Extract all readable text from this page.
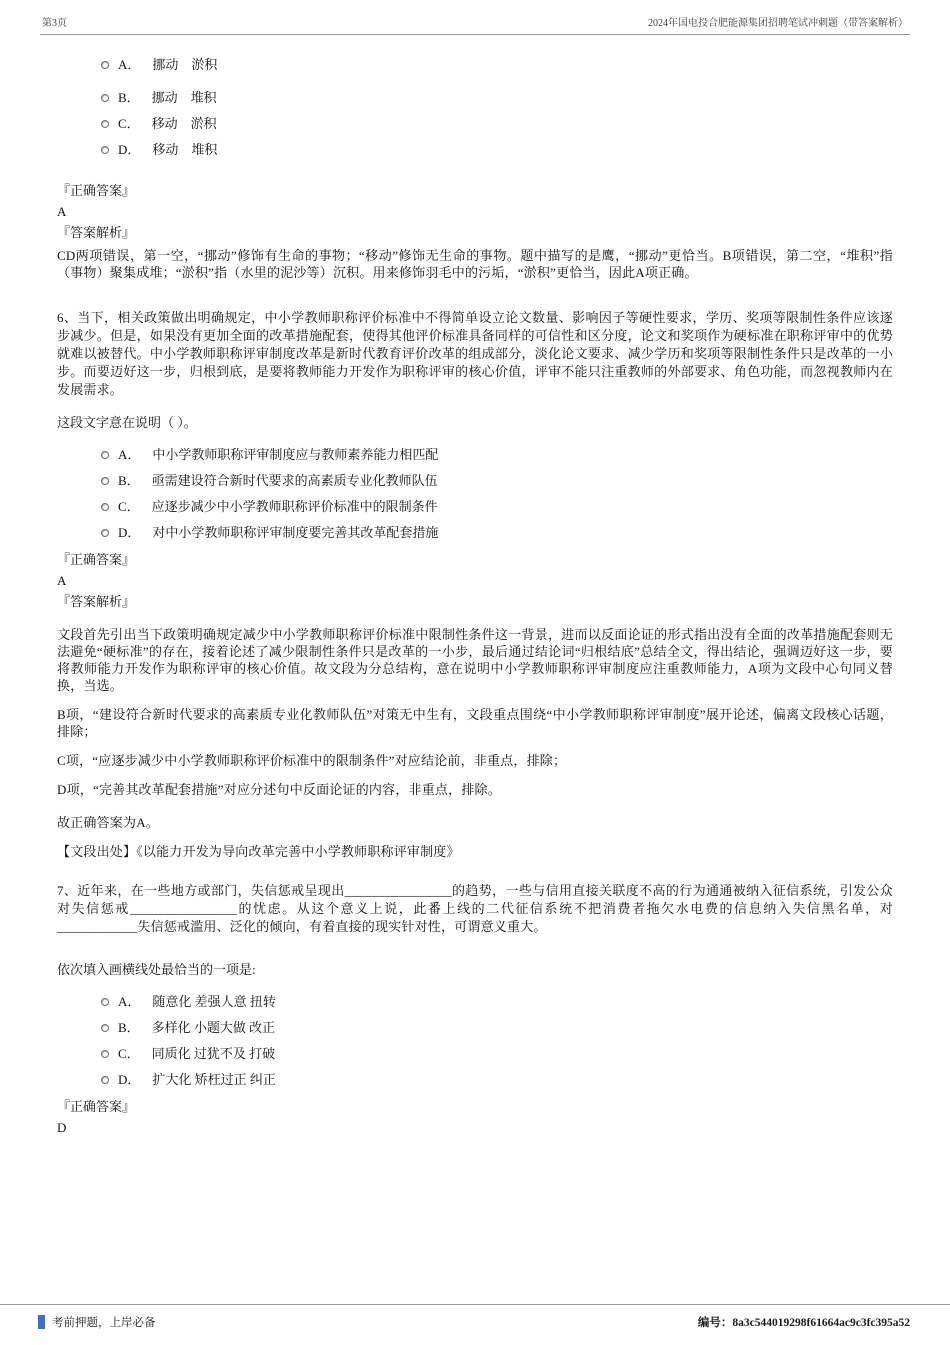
第3页	2024年国电投合肥能源集团招聘笔试冲刺题（带答案解析）
A． 挪动　淤积
B． 挪动　堆积
C． 移动　淤积
D． 移动　堆积
『正确答案』
A
『答案解析』
CD两项错误，第一空，“挪动”修饰有生命的事物；“移动”修饰无生命的事物。题中描写的是鹰，“挪动”更恰当。B项错误，第二空，“堆积”指（事物）聚集成堆；“淤积”指（水里的泥沙等）沉积。用来修饰羽毛中的污垢，“淤积”更恰当，因此A项正确。
6、当下，相关政策做出明确规定，中小学教师职称评价标准中不得简单设立论文数量、影响因子等硬性要求，学历、奖项等限制性条件应该逐步减少。但是，如果没有更加全面的改革措施配套，使得其他评价标准具备同样的可信性和区分度，论文和奖项作为硬标准在职称评审中的优势就难以被替代。中小学教师职称评审制度改革是新时代教育评价改革的组成部分，淡化论文要求、减少学历和奖项等限制性条件只是改革的一小步。而要迈好这一步，归根到底，是要将教师能力开发作为职称评审的核心价值，评审不能只注重教师的外部要求、角色功能，而忽视教师内在发展需求。
这段文字意在说明（ ）。
A． 中小学教师职称评审制度应与教师素养能力相匹配
B． 亟需建设符合新时代要求的高素质专业化教师队伍
C． 应逐步减少中小学教师职称评价标准中的限制条件
D． 对中小学教师职称评审制度要完善其改革配套措施
『正确答案』
A
『答案解析』
文段首先引出当下政策明确规定减少中小学教师职称评价标准中限制性条件这一背景，进而以反面论证的形式指出没有全面的改革措施配套则无法避免“硬标准”的存在，接着论述了减少限制性条件只是改革的一小步，最后通过结论词“归根结底”总结全文，得出结论，强调迈好这一步，要将教师能力开发作为职称评审的核心价值。故文段为分总结构，意在说明中小学教师职称评审制度应注重教师能力，A项为文段中心句同义替换，当选。
B项，“建设符合新时代要求的高素质专业化教师队伍”对策无中生有，文段重点围绕“中小学教师职称评审制度”展开论述，偏离文段核心话题，排除；
C项，“应逐步减少中小学教师职称评价标准中的限制条件”对应结论前，非重点，排除；
D项，“完善其改革配套措施”对应分述句中反面论证的内容，非重点，排除。
故正确答案为A。
【文段出处】《以能力开发为导向改革完善中小学教师职称评审制度》
7、近年来，在一些地方或部门，失信惩戒呈现出________________的趋势，一些与信用直接关联度不高的行为通通被纳入征信系统，引发公众对失信惩戒________________的忧虑。从这个意义上说，此番上线的二代征信系统不把消费者拖欠水电费的信息纳入失信黑名单，对____________失信惩戒滥用、泛化的倾向，有着直接的现实针对性，可谓意义重大。
依次填入画横线处最恰当的一项是:
A． 随意化 差强人意 扭转
B． 多样化 小题大做 改正
C． 同质化 过犹不及 打破
D． 扩大化 矫枉过正 纠正
『正确答案』
D
考前押题，上岸必备	编号：8a3c544019298f61664ac9c3fc395a52
